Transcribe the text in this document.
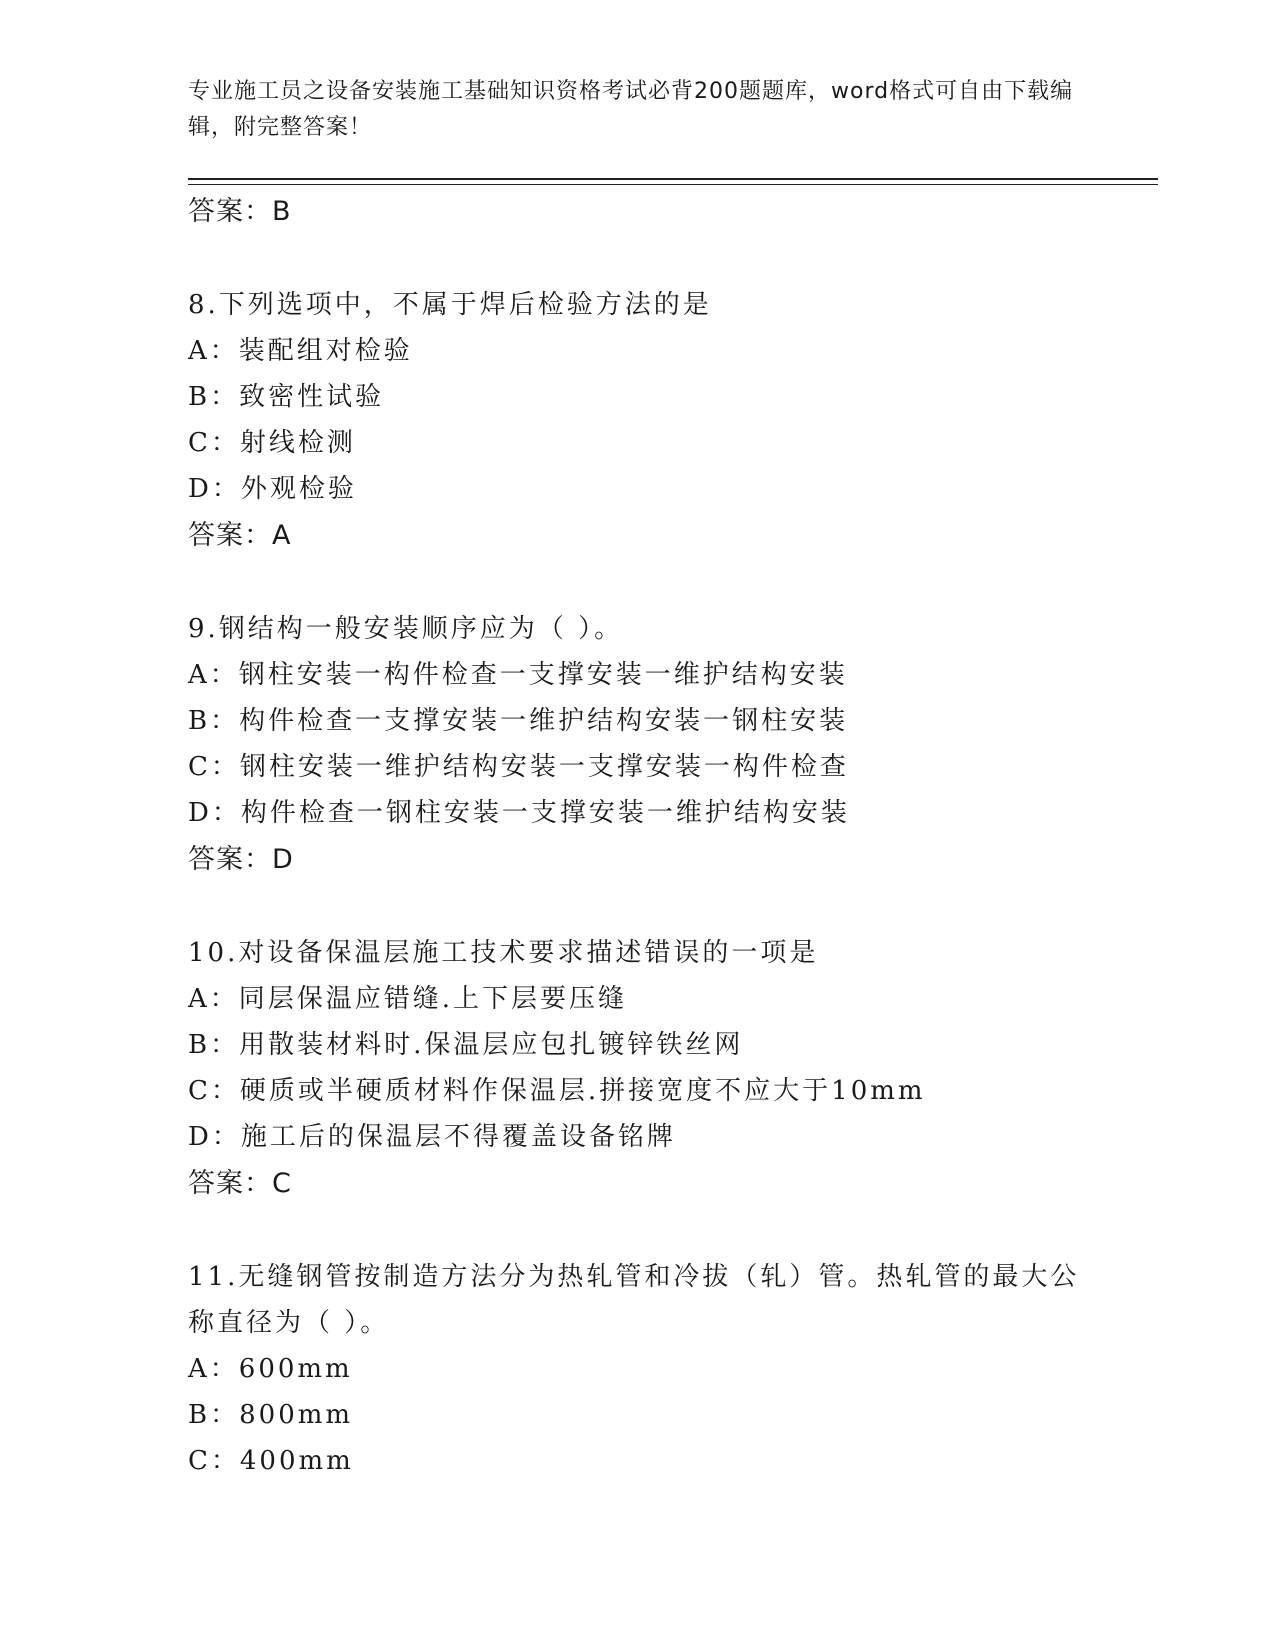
专业施工员之设备安装施工基础知识资格考试必背200题题库，word格式可自由下载编辑，附完整答案！
答案：B
8.下列选项中，不属于焊后检验方法的是
A：装配组对检验
B：致密性试验
C：射线检测
D：外观检验
答案：A
9.钢结构一般安装顺序应为（ ）。
A：钢柱安装一构件检查一支撑安装一维护结构安装
B：构件检查一支撑安装一维护结构安装一钢柱安装
C：钢柱安装一维护结构安装一支撑安装一构件检查
D：构件检查一钢柱安装一支撑安装一维护结构安装
答案：D
10.对设备保温层施工技术要求描述错误的一项是
A：同层保温应错缝.上下层要压缝
B：用散装材料时.保温层应包扎镀锌铁丝网
C：硬质或半硬质材料作保温层.拼接宽度不应大于10mm
D：施工后的保温层不得覆盖设备铭牌
答案：C
11.无缝钢管按制造方法分为热轧管和冷拔（轧）管。热轧管的最大公称直径为（ ）。
A：600mm
B：800mm
C：400mm
